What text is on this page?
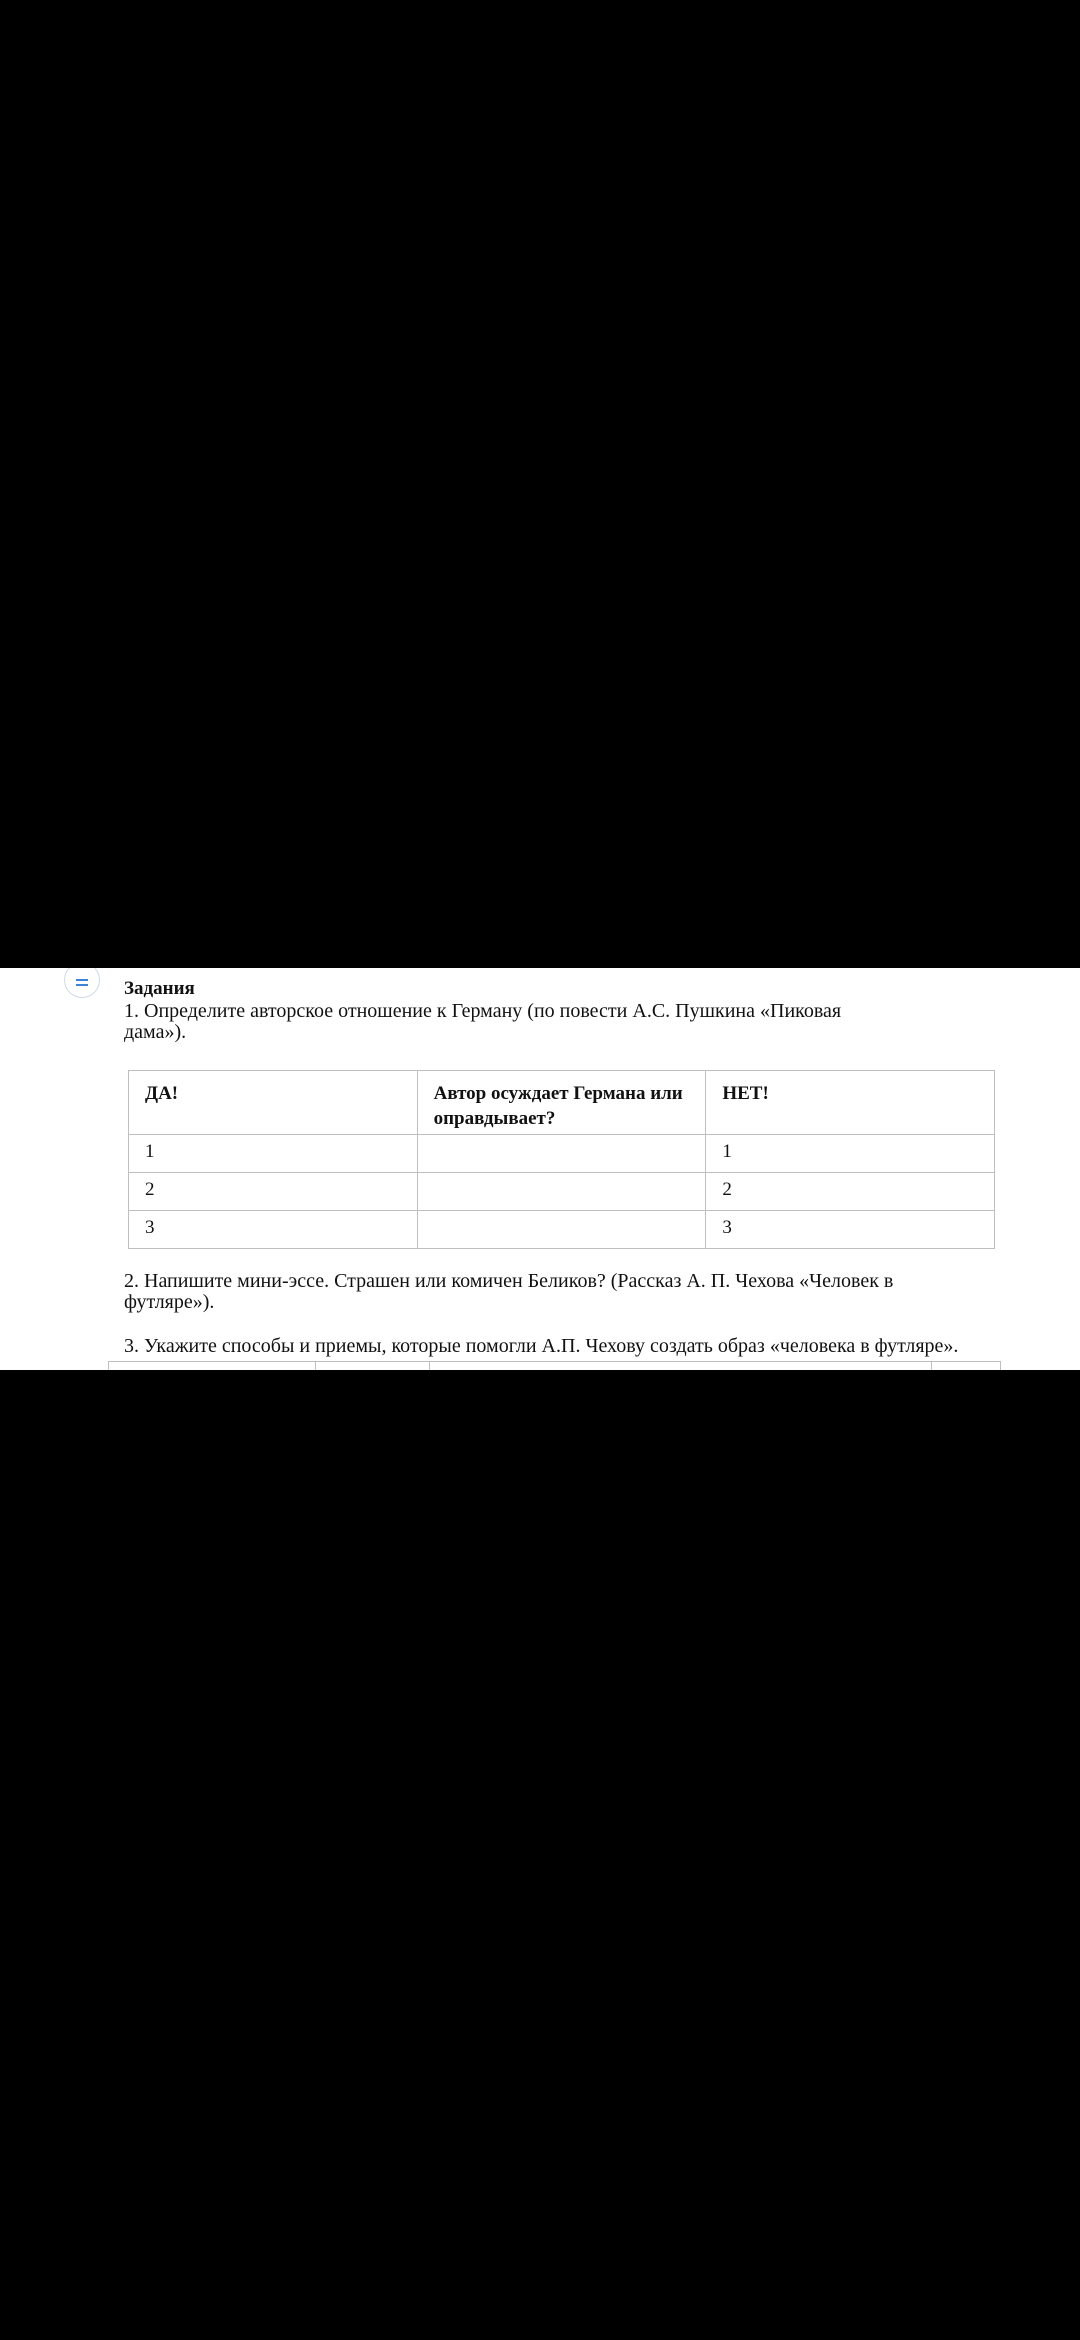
Задания
1. Определите авторское отношение к Герману (по повести А.С. Пушкина «Пиковая дама»).
ДА!	Автор осуждает Германа или оправдывает?	НЕТ!
1		1
2		2
3		3
2. Напишите мини-эссе. Страшен или комичен Беликов? (Рассказ А. П. Чехова «Человек в футляре»).
3. Укажите способы и приемы, которые помогли А.П. Чехову создать образ «человека в футляре».
